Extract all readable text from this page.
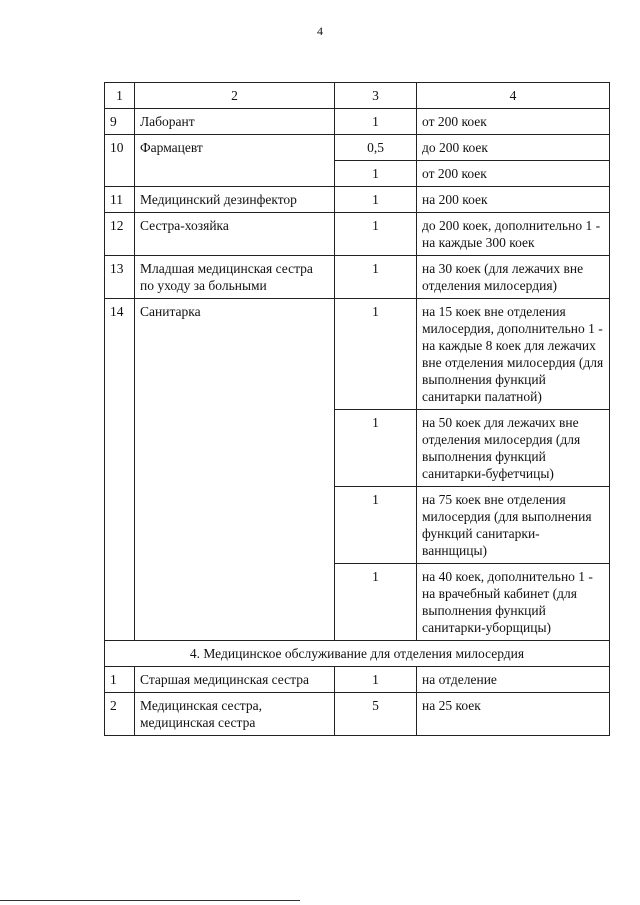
4
1	2	3	4
9	Лаборант	1	от 200 коек
10	Фармацевт	0,5	до 200 коек
		1	от 200 коек
11	Медицинский дезинфектор	1	на 200 коек
12	Сестра-хозяйка	1	до 200 коек, дополнительно 1 - на каждые 300 коек
13	Младшая медицинская сестра по уходу за больными	1	на 30 коек (для лежачих вне отделения милосердия)
14	Санитарка	1	на 15 коек вне отделения милосердия, дополнительно 1 - на каждые 8 коек для лежачих вне отделения милосердия (для выполнения функций санитарки палатной)
		1	на 50 коек для лежачих вне отделения милосердия (для выполнения функций санитарки-буфетчицы)
		1	на 75 коек вне отделения милосердия (для выполнения функций санитарки-ваннщицы)
		1	на 40 коек, дополнительно 1 - на врачебный кабинет (для выполнения функций санитарки-уборщицы)
4. Медицинское обслуживание для отделения милосердия			
1	Старшая медицинская сестра	1	на отделение
2	Медицинская сестра, медицинская сестра	5	на 25 коек
